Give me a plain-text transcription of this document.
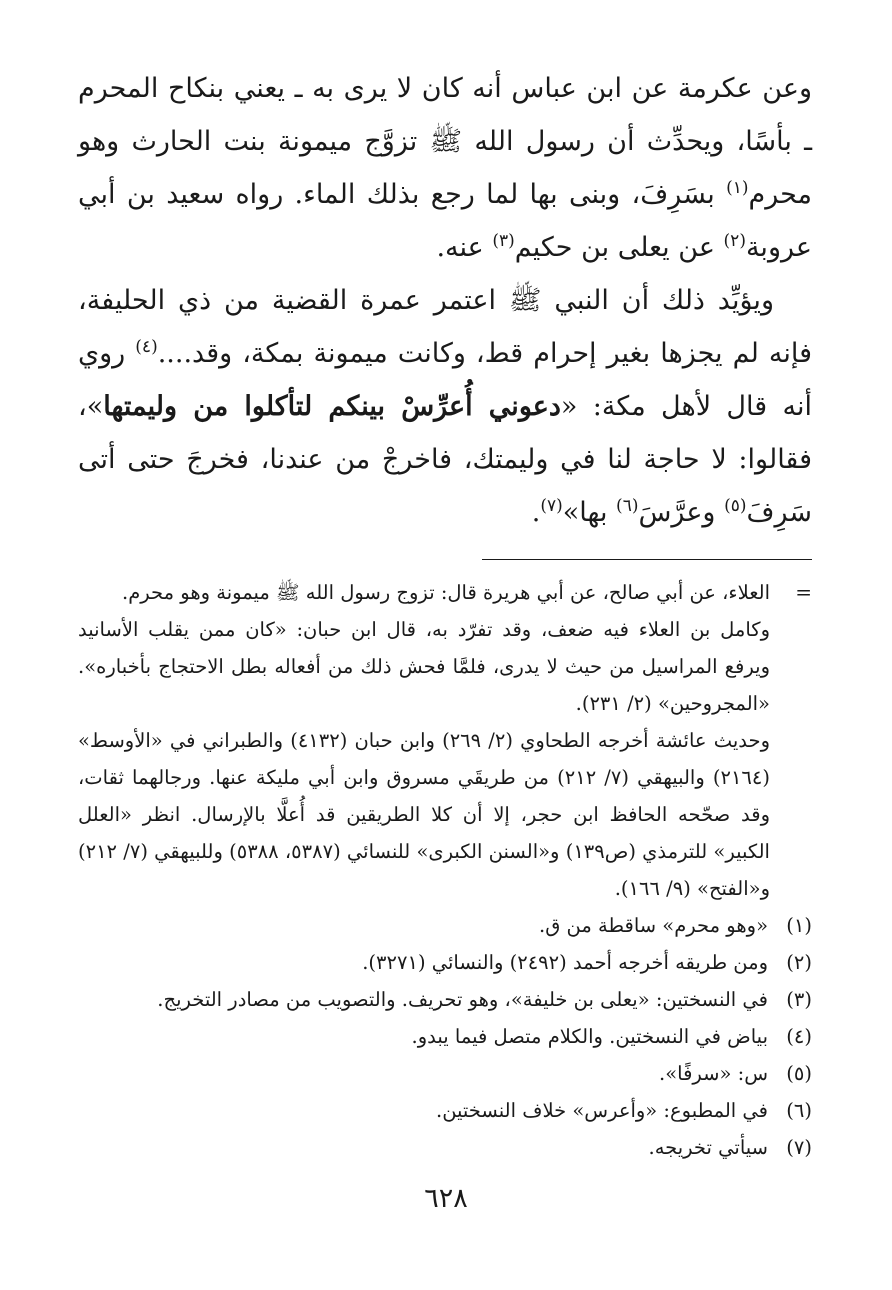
وعن عكرمة عن ابن عباس أنه كان لا يرى به ـ يعني بنكاح المحرم ـ بأسًا، ويحدِّث أن رسول الله ﷺ تزوَّج ميمونة بنت الحارث وهو محرم$^{(١)}$ بسَرِفَ، وبنى بها لما رجع بذلك الماء. رواه سعيد بن أبي عروبة$^{(٢)}$ عن يعلى بن حكيم$^{(٣)}$ عنه.

ويؤيِّد ذلك أن النبي ﷺ اعتمر عمرة القضية من ذي الحليفة، فإنه لم يجزها بغير إحرام قط، وكانت ميمونة بمكة، وقد....$^{(٤)}$ روي أنه قال لأهل مكة: «دعوني أُعرِّسْ بينكم لتأكلوا من وليمتها»، فقالوا: لا حاجة لنا في وليمتك، فاخرجْ من عندنا، فخرجَ حتى أتى سَرِفَ$^{(٥)}$ وعرَّسَ$^{(٦)}$ بها»$^{(٧)}$.

=

العلاء، عن أبي صالح، عن أبي هريرة قال: تزوج رسول الله ﷺ ميمونة وهو محرم.

وكامل بن العلاء فيه ضعف، وقد تفرّد به، قال ابن حبان: «كان ممن يقلب الأسانيد ويرفع المراسيل من حيث لا يدرى، فلمَّا فحش ذلك من أفعاله بطل الاحتجاج بأخباره». «المجروحين» (٢/ ٢٣١).

وحديث عائشة أخرجه الطحاوي (٢/ ٢٦٩) وابن حبان (٤١٣٢) والطبراني في «الأوسط» (٢١٦٤) والبيهقي (٧/ ٢١٢) من طريقَي مسروق وابن أبي مليكة عنها. ورجالهما ثقات، وقد صحّحه الحافظ ابن حجر، إلا أن كلا الطريقين قد أُعلَّا بالإرسال. انظر «العلل الكبير» للترمذي (ص١٣٩) و«السنن الكبرى» للنسائي (٥٣٨٧، ٥٣٨٨) وللبيهقي (٧/ ٢١٢) و«الفتح» (٩/ ١٦٦).

(١)
«وهو محرم» ساقطة من ق.
(٢)
ومن طريقه أخرجه أحمد (٢٤٩٢) والنسائي (٣٢٧١).
(٣)
في النسختين: «يعلى بن خليفة»، وهو تحريف. والتصويب من مصادر التخريج.
(٤)
بياض في النسختين. والكلام متصل فيما يبدو.
(٥)
س: «سرفًا».
(٦)
في المطبوع: «وأعرس» خلاف النسختين.
(٧)
سيأتي تخريجه.
٦٢٨
